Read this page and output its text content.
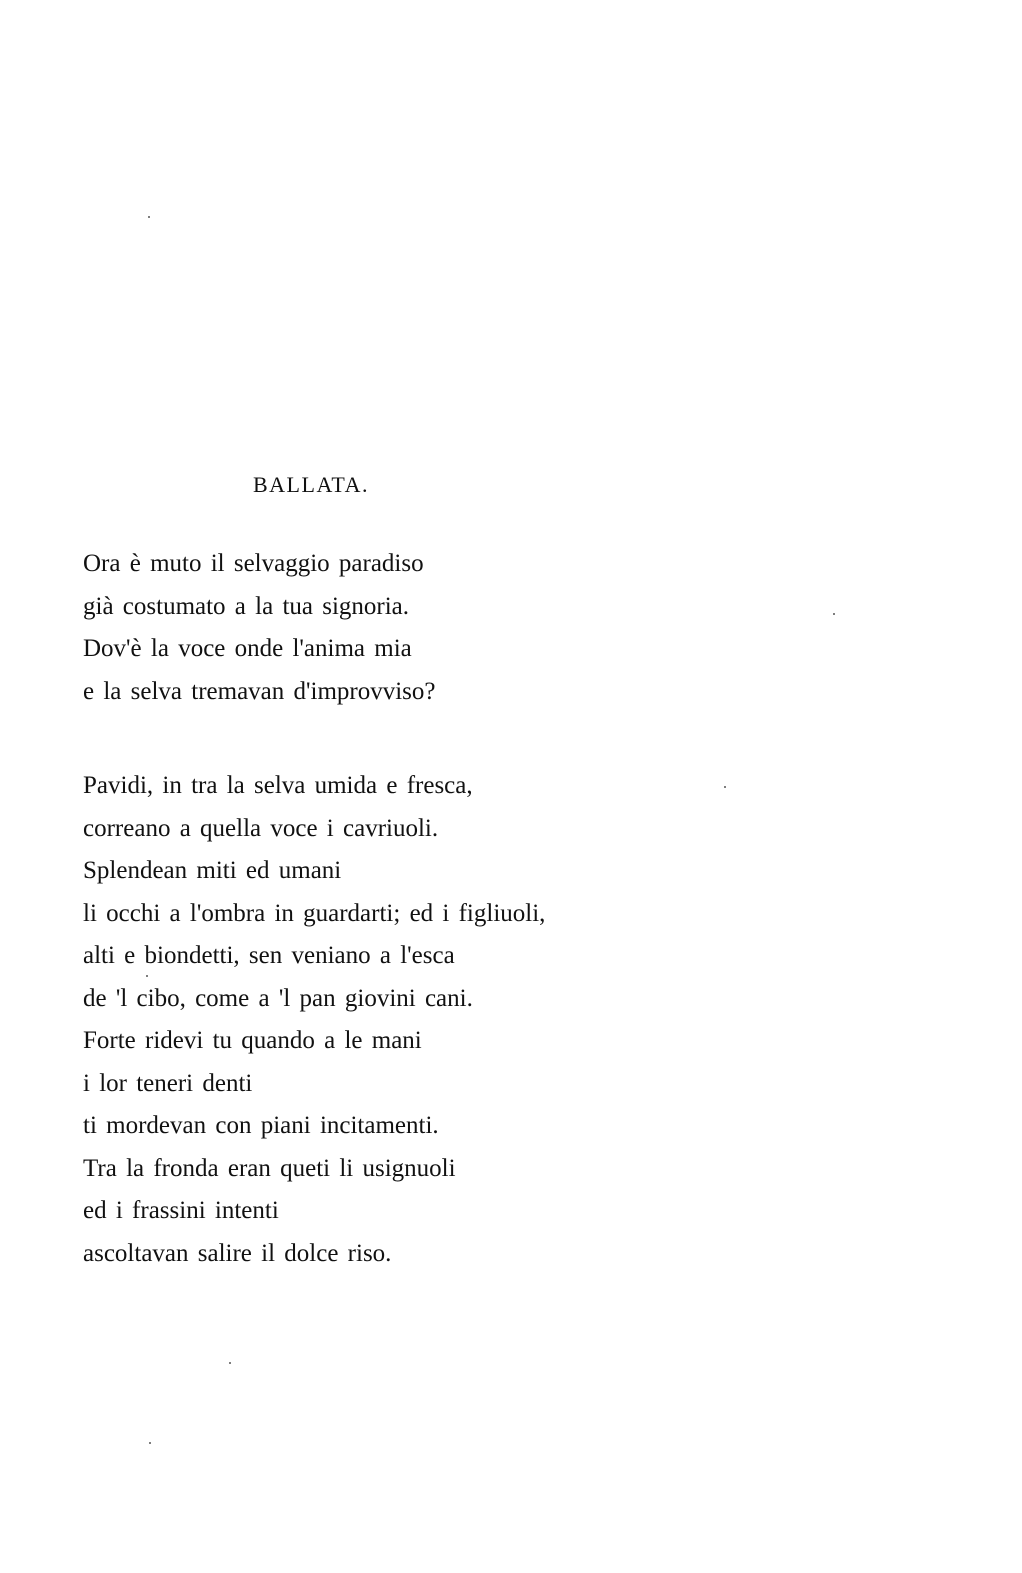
BALLATA.
Ora è muto il selvaggio paradiso
già costumato a la tua signoria.
Dov'è la voce onde l'anima mia
e la selva tremavan d'improvviso?
Pavidi, in tra la selva umida e fresca,
correano a quella voce i cavriuoli.
Splendean miti ed umani
li occhi a l'ombra in guardarti; ed i figliuoli,
alti e biondetti, sen veniano a l'esca
de 'l cibo, come a 'l pan giovini cani.
Forte ridevi tu quando a le mani
i lor teneri denti
ti mordevan con piani incitamenti.
Tra la fronda eran queti li usignuoli
ed i frassini intenti
ascoltavan salire il dolce riso.
